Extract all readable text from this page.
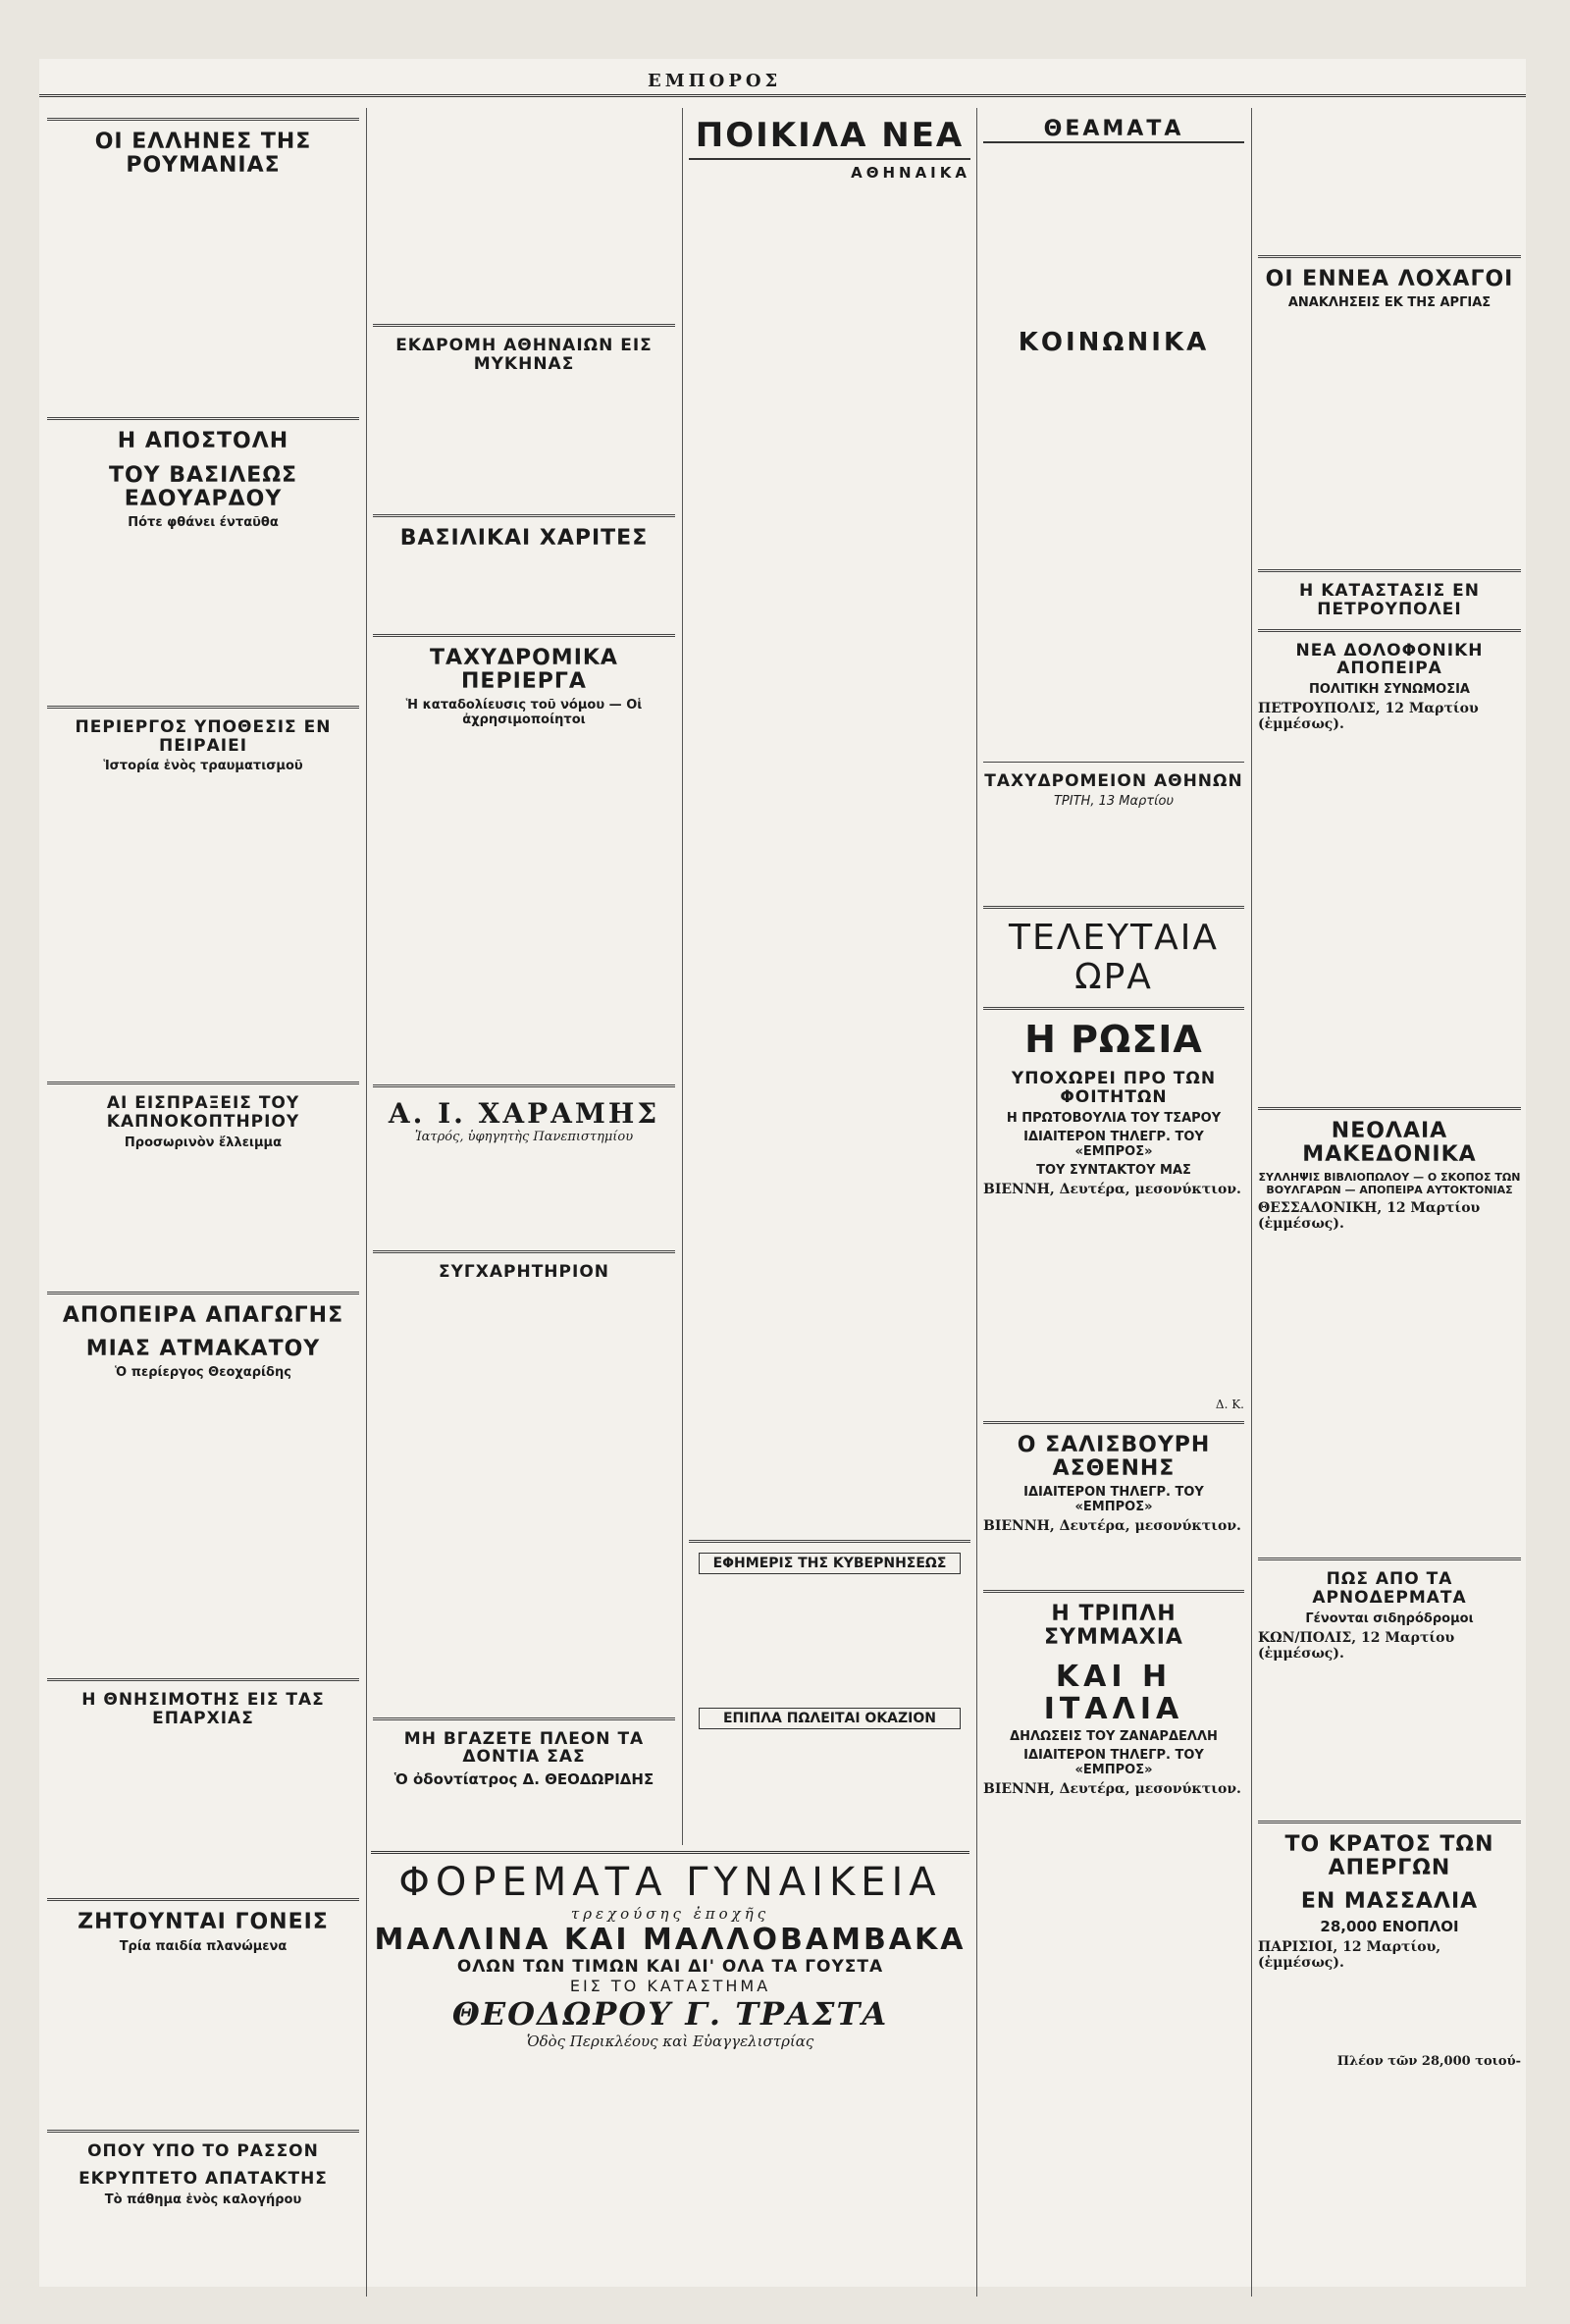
ΕΜΠΟΡΟΣ
ΟΙ ΕΛΛΗΝΕΣ ΤΗΣ ΡΟΥΜΑΝΙΑΣ
Η ΑΠΟΣΤΟΛΗ
ΤΟΥ ΒΑΣΙΛΕΩΣ ΕΔΟΥΑΡΔΟΥ
Πότε φθάνει ένταῦθα
ΠΕΡΙΕΡΓΟΣ ΥΠΟΘΕΣΙΣ ΕΝ ΠΕΙΡΑΙΕΙ
Ἱστορία ἑνὸς τραυματισμοῦ
ΑΙ ΕΙΣΠΡΑΞΕΙΣ ΤΟΥ ΚΑΠΝΟΚΟΠΤΗΡΙΟΥ
Προσωρινὸν ἔλλειμμα
ΑΠΟΠΕΙΡΑ ΑΠΑΓΩΓΗΣ
ΜΙΑΣ ΑΤΜΑΚΑΤΟΥ
Ὁ περίεργος Θεοχαρίδης
Η ΘΝΗΣΙΜΟΤΗΣ ΕΙΣ ΤΑΣ ΕΠΑΡΧΙΑΣ
ΖΗΤΟΥΝΤΑΙ ΓΟΝΕΙΣ
Τρία παιδία πλανώμενα
ΟΠΟΥ ΥΠΟ ΤΟ ΡΑΣΣΟΝ
ΕΚΡΥΠΤΕΤΟ ΑΠΑΤΑΚΤΗΣ
Τὸ πάθημα ἑνὸς καλογήρου
ΕΚΔΡΟΜΗ ΑΘΗΝΑΙΩΝ ΕΙΣ ΜΥΚΗΝΑΣ
ΒΑΣΙΛΙΚΑΙ ΧΑΡΙΤΕΣ
ΤΑΧΥΔΡΟΜΙΚΑ ΠΕΡΙΕΡΓΑ
Ἡ καταδολίευσις τοῦ νόμου — Οἱ ἀχρησιμοποίητοι
Α. Ι. ΧΑΡΑΜΗΣ
Ἰατρός, ὑφηγητὴς Πανεπιστημίου
ΣΥΓΧΑΡΗΤΗΡΙΟΝ
ΜΗ ΒΓΑΖΕΤΕ ΠΛΕΟΝ ΤΑ ΔΟΝΤΙΑ ΣΑΣ
Ὁ ὀδοντίατρος Δ. ΘΕΟΔΩΡΙΔΗΣ
ΠΟΙΚΙΛΑ ΝΕΑ
ΑΘΗΝΑΙΚΑ
ΕΦΗΜΕΡΙΣ ΤΗΣ ΚΥΒΕΡΝΗΣΕΩΣ
ΕΠΙΠΛΑ ΠΩΛΕΙΤΑΙ ΟΚΑΖΙΟΝ
ΘΕΑΜΑΤΑ
ΚΟΙΝΩΝΙΚΑ
ΤΑΧΥΔΡΟΜΕΙΟΝ ΑΘΗΝΩΝ
ΤΡΙΤΗ, 13 Μαρτίου
ΤΕΛΕΥΤΑΙΑ ΩΡΑ
Η ΡΩΣΙΑ
ΥΠΟΧΩΡΕΙ ΠΡΟ ΤΩΝ ΦΟΙΤΗΤΩΝ
Η ΠΡΩΤΟΒΟΥΛΙΑ ΤΟΥ ΤΣΑΡΟΥ
ΙΔΙΑΙΤΕΡΟΝ ΤΗΛΕΓΡ. ΤΟΥ «ΕΜΠΡΟΣ»
ΤΟΥ ΣΥΝΤΑΚΤΟΥ ΜΑΣ
ΒΙΕΝΝΗ, Δευτέρα, μεσονύκτιον.
Δ. Κ.
Ο ΣΑΛΙΣΒΟΥΡΗ ΑΣΘΕΝΗΣ
ΙΔΙΑΙΤΕΡΟΝ ΤΗΛΕΓΡ. ΤΟΥ «ΕΜΠΡΟΣ»
ΒΙΕΝΝΗ, Δευτέρα, μεσονύκτιον.
Η ΤΡΙΠΛΗ ΣΥΜΜΑΧΙΑ
ΚΑΙ Η ΙΤΑΛΙΑ
ΔΗΛΩΣΕΙΣ ΤΟΥ ΖΑΝΑΡΔΕΛΛΗ
ΙΔΙΑΙΤΕΡΟΝ ΤΗΛΕΓΡ. ΤΟΥ «ΕΜΠΡΟΣ»
ΒΙΕΝΝΗ, Δευτέρα, μεσονύκτιον.
ΟΙ ΕΝΝΕΑ ΛΟΧΑΓΟΙ
ΑΝΑΚΛΗΣΕΙΣ ΕΚ ΤΗΣ ΑΡΓΙΑΣ
Η ΚΑΤΑΣΤΑΣΙΣ ΕΝ ΠΕΤΡΟΥΠΟΛΕΙ
ΝΕΑ ΔΟΛΟΦΟΝΙΚΗ ΑΠΟΠΕΙΡΑ
ΠΟΛΙΤΙΚΗ ΣΥΝΩΜΟΣΙΑ
ΠΕΤΡΟΥΠΟΛΙΣ, 12 Μαρτίου (ἐμμέσως).
ΝΕΟΛΑΙΑ ΜΑΚΕΔΟΝΙΚΑ
ΣΥΛΛΗΨΙΣ ΒΙΒΛΙΟΠΩΛΟΥ — Ο ΣΚΟΠΟΣ ΤΩΝ ΒΟΥΛΓΑΡΩΝ — ΑΠΟΠΕΙΡΑ ΑΥΤΟΚΤΟΝΙΑΣ
ΘΕΣΣΑΛΟΝΙΚΗ, 12 Μαρτίου (ἐμμέσως).
ΠΩΣ ΑΠΟ ΤΑ ΑΡΝΟΔΕΡΜΑΤΑ
Γένονται σιδηρόδρομοι
ΚΩΝ/ΠΟΛΙΣ, 12 Μαρτίου (ἐμμέσως).
ΤΟ ΚΡΑΤΟΣ ΤΩΝ ΑΠΕΡΓΩΝ
ΕΝ ΜΑΣΣΑΛΙΑ
28,000 ΕΝΟΠΛΟΙ
ΠΑΡΙΣΙΟΙ, 12 Μαρτίου, (ἐμμέσως).
Πλέον τῶν 28,000 τοιού-
ΦΟΡΕΜΑΤΑ ΓΥΝΑΙΚΕΙΑ
τρεχούσης ἐποχῆς
ΜΑΛΛΙΝΑ ΚΑΙ ΜΑΛΛΟΒΑΜΒΑΚΑ
ΟΛΩΝ ΤΩΝ ΤΙΜΩΝ ΚΑΙ ΔΙ' ΟΛΑ ΤΑ ΓΟΥΣΤΑ
ΕΙΣ ΤΟ ΚΑΤΑΣΤΗΜΑ
ΘΕΟΔΩΡΟΥ Γ. ΤΡΑΣΤΑ
Ὁδὸς Περικλέους καὶ Εὐαγγελιστρίας
